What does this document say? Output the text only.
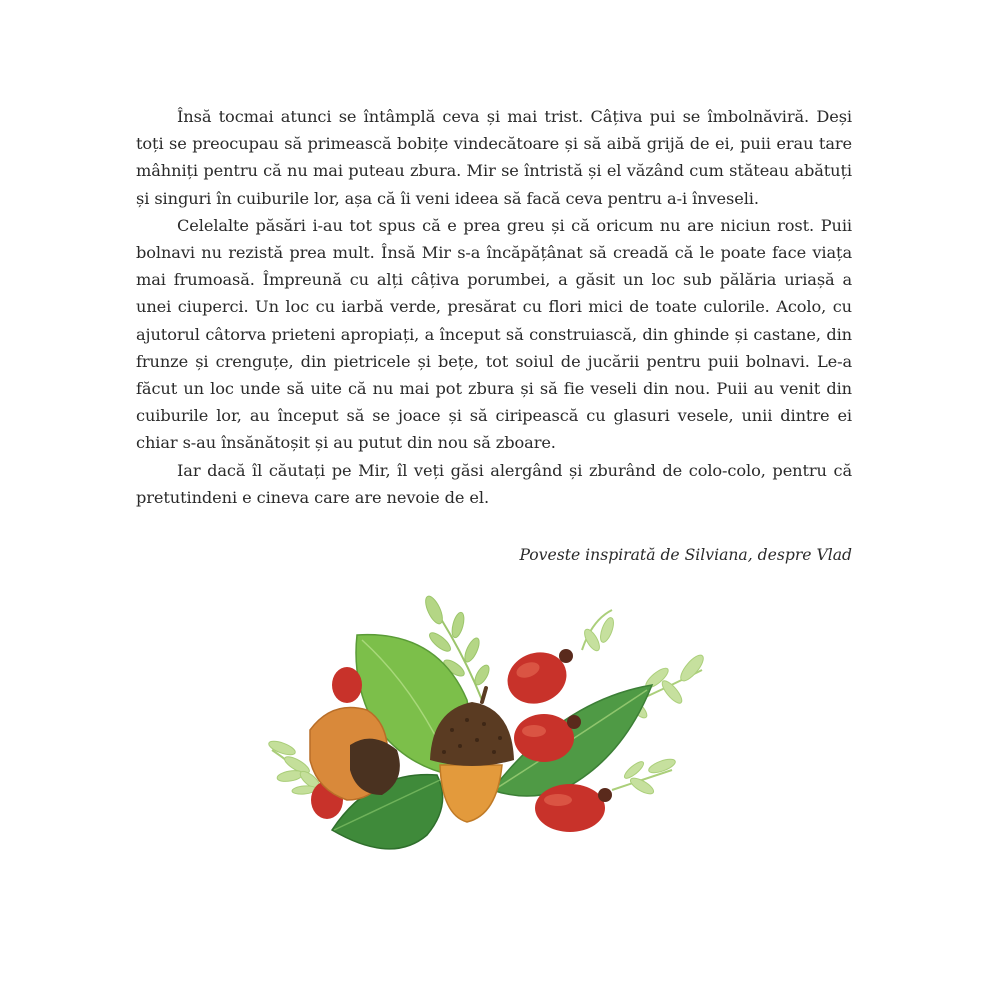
Însă tocmai atunci se întâmplă ceva și mai trist. Câțiva pui se îmbolnăviră. Deși toți se preocupau să primească bobițe vindecătoare și să aibă grijă de ei, puii erau tare mâhniți pentru că nu mai puteau zbura. Mir se întristă și el văzând cum stăteau abătuți și singuri în cuiburile lor, așa că îi veni ideea să facă ceva pentru a-i înveseli.

Celelalte păsări i-au tot spus că e prea greu și că oricum nu are niciun rost. Puii bolnavi nu rezistă prea mult. Însă Mir s-a încăpățânat să creadă că le poate face viața mai frumoasă. Împreună cu alți câțiva porumbei, a găsit un loc sub pălăria uriașă a unei ciuperci. Un loc cu iarbă verde, presărat cu flori mici de toate culorile. Acolo, cu ajutorul câtorva prieteni apropiați, a început să construiască, din ghinde și castane, din frunze și crenguțe, din pietricele și bețe, tot soiul de jucării pentru puii bolnavi. Le-a făcut un loc unde să uite că nu mai pot zbura și să fie veseli din nou. Puii au venit din cuiburile lor, au început să se joace și să ciripească cu glasuri vesele, unii dintre ei chiar s-au însănătoșit și au putut din nou să zboare.

Iar dacă îl căutați pe Mir, îl veți găsi alergând și zburând de colo-colo, pentru că pretutindeni e cineva care are nevoie de el.

Poveste inspirată de Silviana, despre Vlad
